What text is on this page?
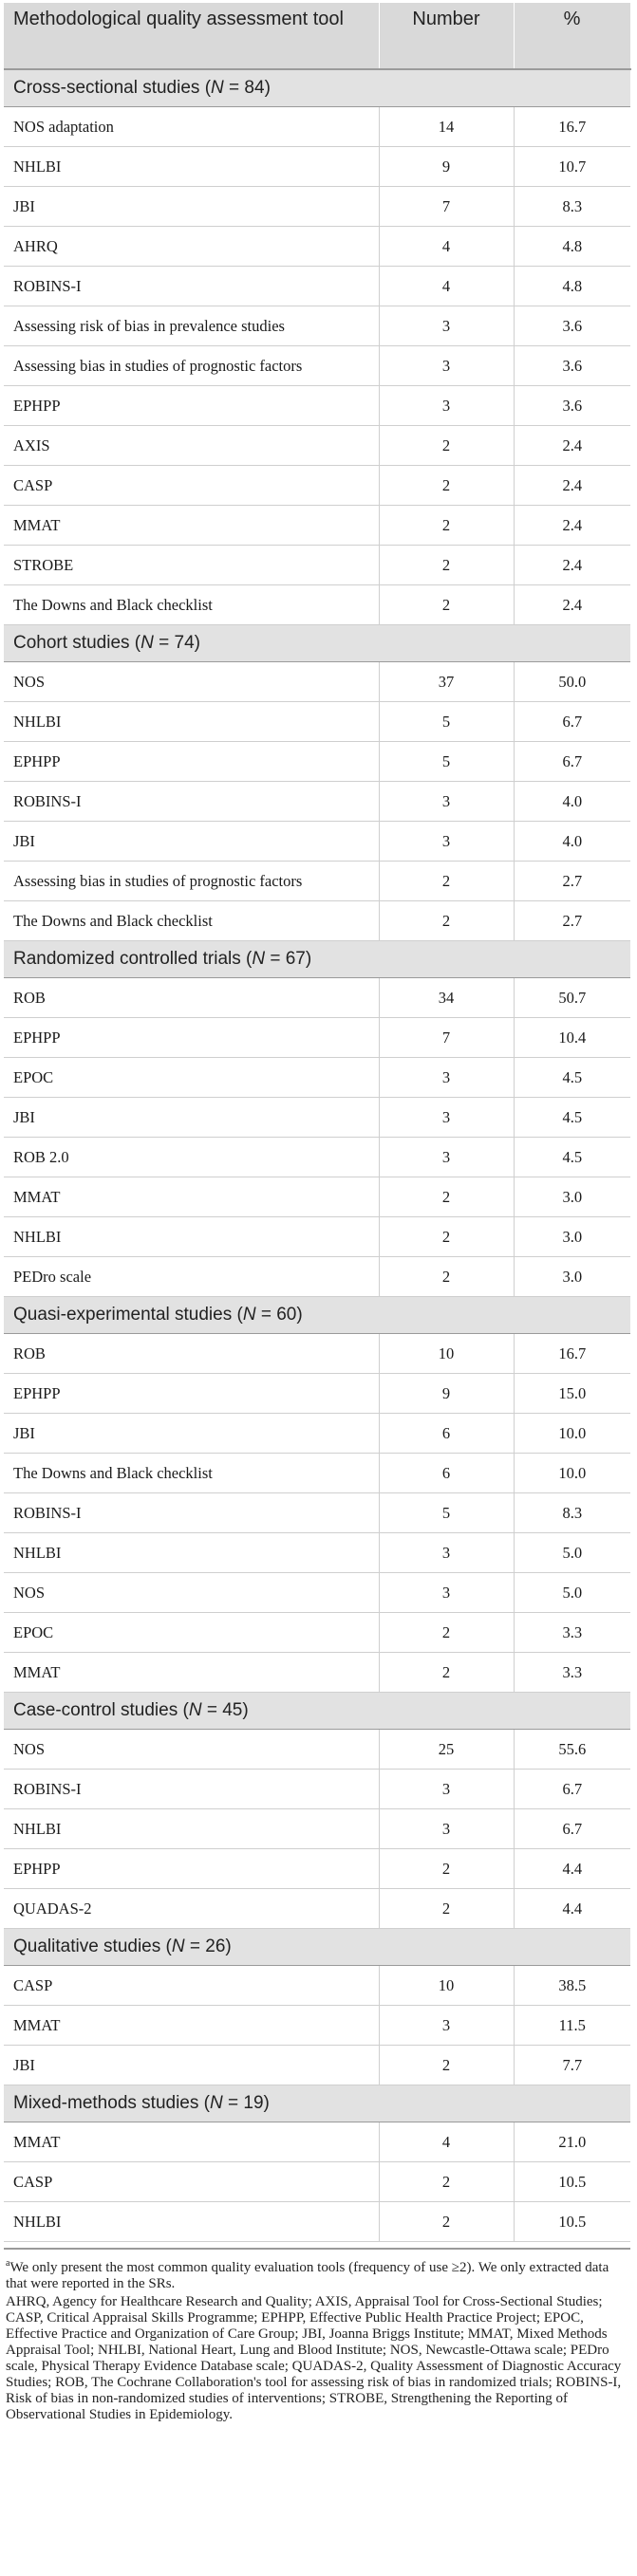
Methodological quality assessment tool	Number	%
Cross-sectional studies (N = 84)		
NOS adaptation	14	16.7
NHLBI	9	10.7
JBI	7	8.3
AHRQ	4	4.8
ROBINS-I	4	4.8
Assessing risk of bias in prevalence studies	3	3.6
Assessing bias in studies of prognostic factors	3	3.6
EPHPP	3	3.6
AXIS	2	2.4
CASP	2	2.4
MMAT	2	2.4
STROBE	2	2.4
The Downs and Black checklist	2	2.4
Cohort studies (N = 74)		
NOS	37	50.0
NHLBI	5	6.7
EPHPP	5	6.7
ROBINS-I	3	4.0
JBI	3	4.0
Assessing bias in studies of prognostic factors	2	2.7
The Downs and Black checklist	2	2.7
Randomized controlled trials (N = 67)		
ROB	34	50.7
EPHPP	7	10.4
EPOC	3	4.5
JBI	3	4.5
ROB 2.0	3	4.5
MMAT	2	3.0
NHLBI	2	3.0
PEDro scale	2	3.0
Quasi-experimental studies (N = 60)		
ROB	10	16.7
EPHPP	9	15.0
JBI	6	10.0
The Downs and Black checklist	6	10.0
ROBINS-I	5	8.3
NHLBI	3	5.0
NOS	3	5.0
EPOC	2	3.3
MMAT	2	3.3
Case-control studies (N = 45)		
NOS	25	55.6
ROBINS-I	3	6.7
NHLBI	3	6.7
EPHPP	2	4.4
QUADAS-2	2	4.4
Qualitative studies (N = 26)		
CASP	10	38.5
MMAT	3	11.5
JBI	2	7.7
Mixed-methods studies (N = 19)		
MMAT	4	21.0
CASP	2	10.5
NHLBI	2	10.5

$^a$We only present the most common quality evaluation tools (frequency of use ≥2). We only extracted data that were reported in the SRs.

AHRQ, Agency for Healthcare Research and Quality; AXIS, Appraisal Tool for Cross-Sectional Studies; CASP, Critical Appraisal Skills Programme; EPHPP, Effective Public Health Practice Project; EPOC, Effective Practice and Organization of Care Group; JBI, Joanna Briggs Institute; MMAT, Mixed Methods Appraisal Tool; NHLBI, National Heart, Lung and Blood Institute; NOS, Newcastle-Ottawa scale; PEDro scale, Physical Therapy Evidence Database scale; QUADAS-2, Quality Assessment of Diagnostic Accuracy Studies; ROB, The Cochrane Collaboration's tool for assessing risk of bias in randomized trials; ROBINS-I, Risk of bias in non-randomized studies of interventions; STROBE, Strengthening the Reporting of Observational Studies in Epidemiology.
